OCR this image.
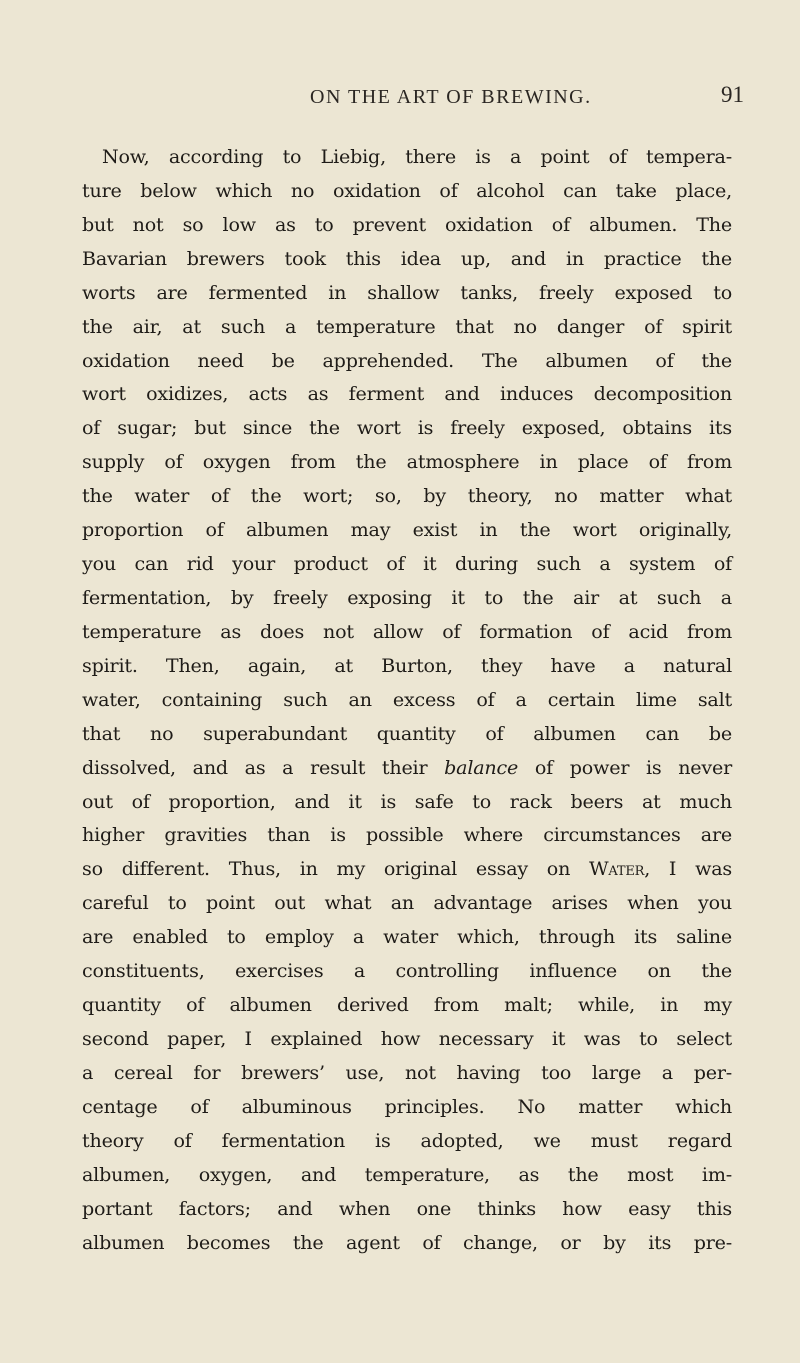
ON THE ART OF BREWING.	91
Now, according to Liebig, there is a point of tempera-
ture below which no oxidation of alcohol can take place,
but not so low as to prevent oxidation of albumen. The
Bavarian brewers took this idea up, and in practice the
worts are fermented in shallow tanks, freely exposed to
the air, at such a temperature that no danger of spirit
oxidation need be apprehended. The albumen of the
wort oxidizes, acts as ferment and induces decomposition
of sugar; but since the wort is freely exposed, obtains its
supply of oxygen from the atmosphere in place of from
the water of the wort; so, by theory, no matter what
proportion of albumen may exist in the wort originally,
you can rid your product of it during such a system of
fermentation, by freely exposing it to the air at such a
temperature as does not allow of formation of acid from
spirit. Then, again, at Burton, they have a natural
water, containing such an excess of a certain lime salt
that no superabundant quantity of albumen can be
dissolved, and as a result their balance of power is never
out of proportion, and it is safe to rack beers at much
higher gravities than is possible where circumstances are
so different. Thus, in my original essay on Water, I was
careful to point out what an advantage arises when you
are enabled to employ a water which, through its saline
constituents, exercises a controlling influence on the
quantity of albumen derived from malt; while, in my
second paper, I explained how necessary it was to select
a cereal for brewers’ use, not having too large a per-
centage of albuminous principles. No matter which
theory of fermentation is adopted, we must regard
albumen, oxygen, and temperature, as the most im-
portant factors; and when one thinks how easy this
albumen becomes the agent of change, or by its pre-
